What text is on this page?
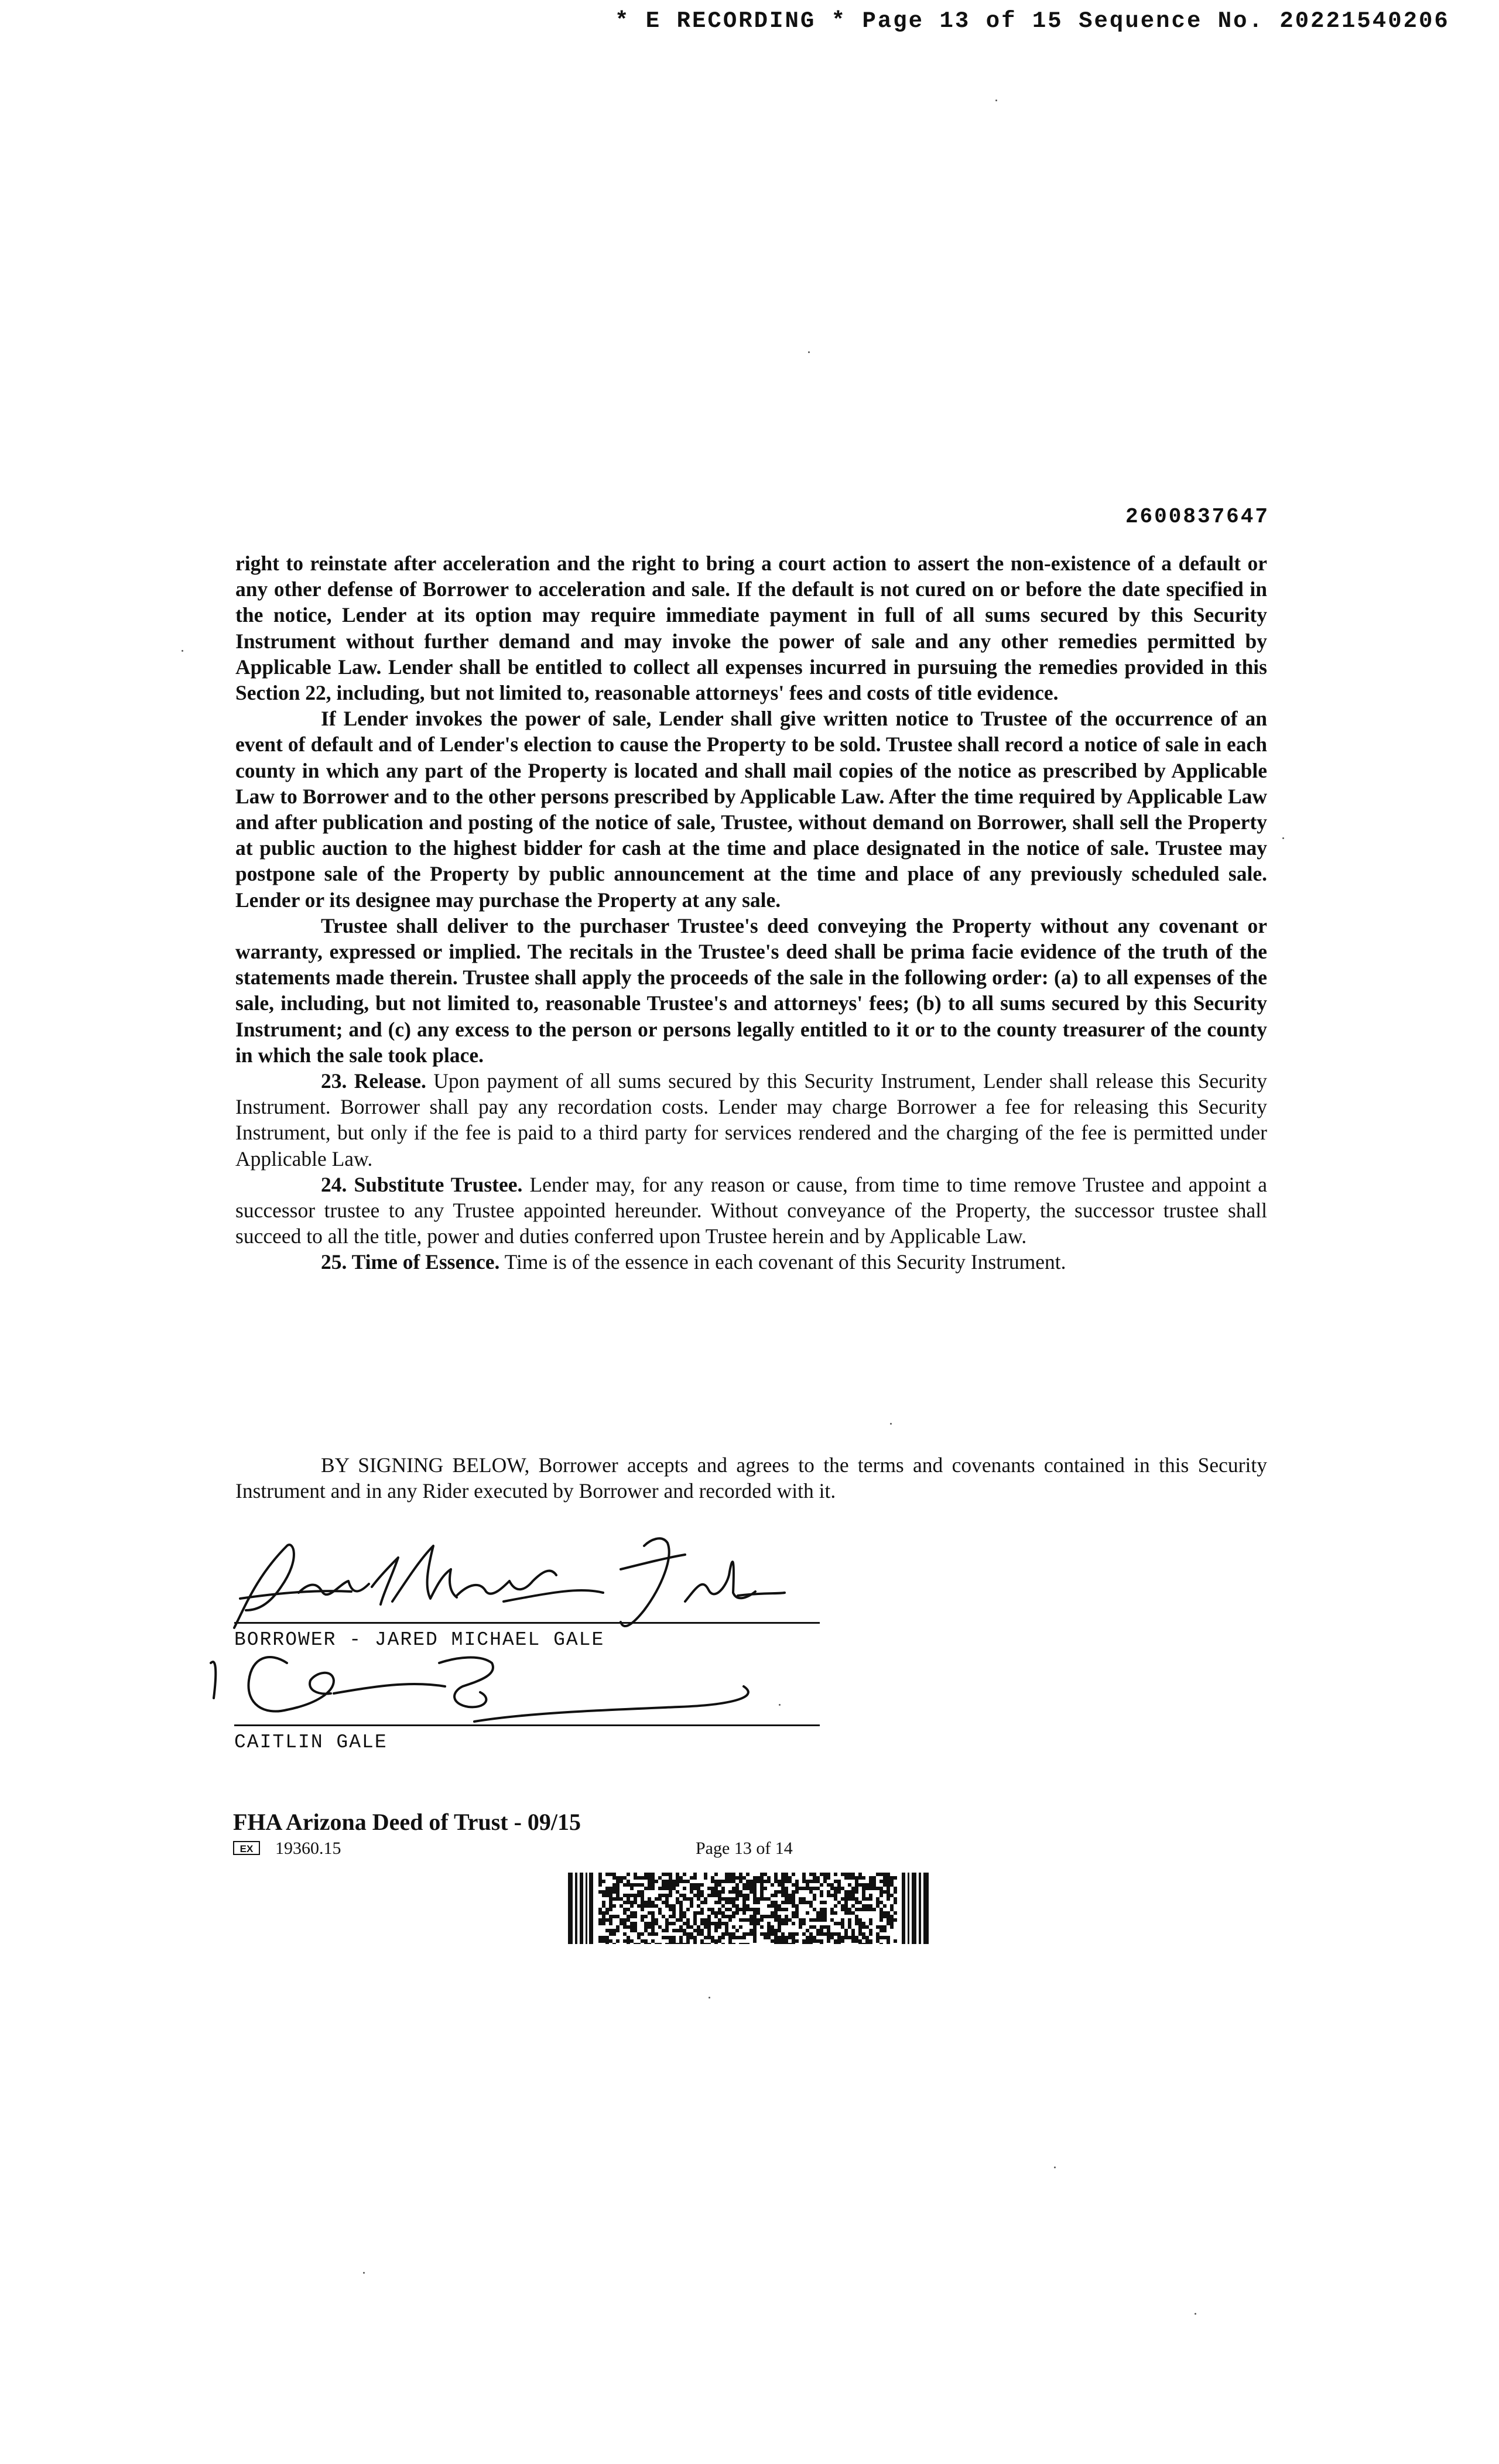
* E RECORDING * Page 13 of 15 Sequence No. 20221540206
2600837647

right to reinstate after acceleration and the right to bring a court action to assert the non-existence of a default or any other defense of Borrower to acceleration and sale. If the default is not cured on or before the date specified in the notice, Lender at its option may require immediate payment in full of all sums secured by this Security Instrument without further demand and may invoke the power of sale and any other remedies permitted by Applicable Law. Lender shall be entitled to collect all expenses incurred in pursuing the remedies provided in this Section 22, including, but not limited to, reasonable attorneys' fees and costs of title evidence.

If Lender invokes the power of sale, Lender shall give written notice to Trustee of the occurrence of an event of default and of Lender's election to cause the Property to be sold. Trustee shall record a notice of sale in each county in which any part of the Property is located and shall mail copies of the notice as prescribed by Applicable Law to Borrower and to the other persons prescribed by Applicable Law. After the time required by Applicable Law and after publication and posting of the notice of sale, Trustee, without demand on Borrower, shall sell the Property at public auction to the highest bidder for cash at the time and place designated in the notice of sale. Trustee may postpone sale of the Property by public announcement at the time and place of any previously scheduled sale. Lender or its designee may purchase the Property at any sale.

Trustee shall deliver to the purchaser Trustee's deed conveying the Property without any covenant or warranty, expressed or implied. The recitals in the Trustee's deed shall be prima facie evidence of the truth of the statements made therein. Trustee shall apply the proceeds of the sale in the following order: (a) to all expenses of the sale, including, but not limited to, reasonable Trustee's and attorneys' fees; (b) to all sums secured by this Security Instrument; and (c) any excess to the person or persons legally entitled to it or to the county treasurer of the county in which the sale took place.

23. Release. Upon payment of all sums secured by this Security Instrument, Lender shall release this Security Instrument. Borrower shall pay any recordation costs. Lender may charge Borrower a fee for releasing this Security Instrument, but only if the fee is paid to a third party for services rendered and the charging of the fee is permitted under Applicable Law.

24. Substitute Trustee. Lender may, for any reason or cause, from time to time remove Trustee and appoint a successor trustee to any Trustee appointed hereunder. Without conveyance of the Property, the successor trustee shall succeed to all the title, power and duties conferred upon Trustee herein and by Applicable Law.

25. Time of Essence. Time is of the essence in each covenant of this Security Instrument.

BY SIGNING BELOW, Borrower accepts and agrees to the terms and covenants contained in this Security Instrument and in any Rider executed by Borrower and recorded with it.

BORROWER - JARED MICHAEL GALE
CAITLIN GALE
FHA Arizona Deed of Trust - 09/15
EX	19360.15	Page 13 of 14
